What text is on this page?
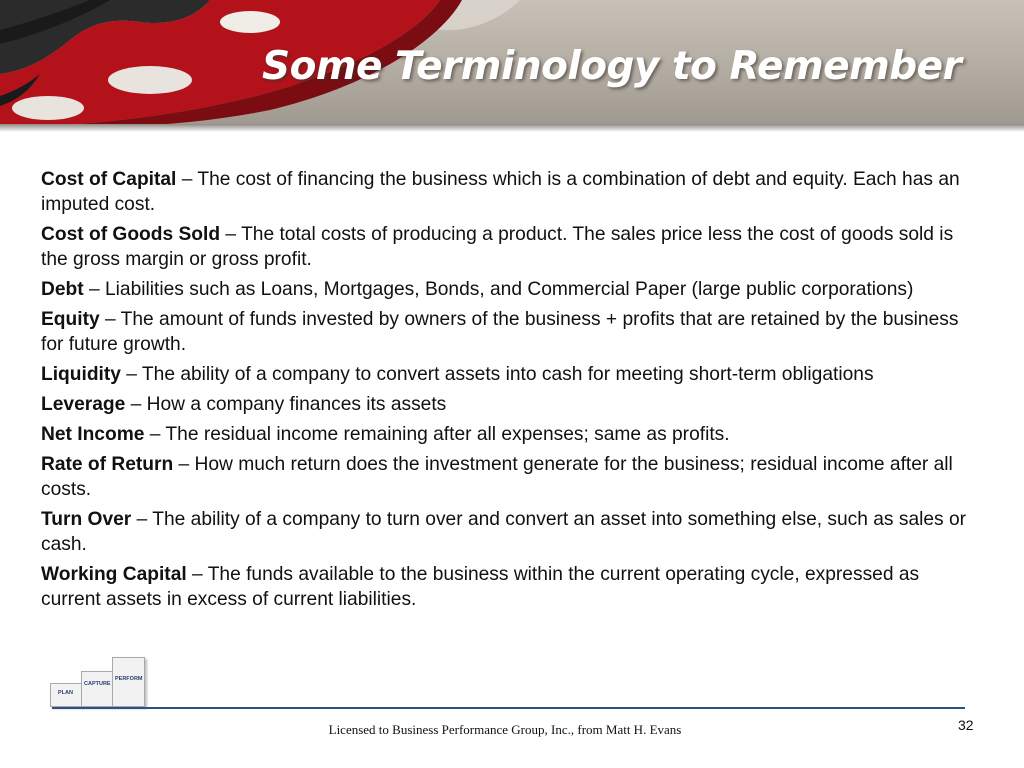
Some Terminology to Remember

Cost of Capital – The cost of financing the business which is a combination of debt and equity. Each has an imputed cost.

Cost of Goods Sold – The total costs of producing a product. The sales price less the cost of goods sold is the gross margin or gross profit.

Debt – Liabilities such as Loans, Mortgages, Bonds, and Commercial Paper (large public corporations)

Equity – The amount of funds invested by owners of the business + profits that are retained by the business for future growth.

Liquidity – The ability of a company to convert assets into cash for meeting short-term obligations

Leverage – How a company finances its assets

Net Income – The residual income remaining after all expenses; same as profits.

Rate of Return – How much return does the investment generate for the business; residual income after all costs.

Turn Over – The ability of a company to turn over and convert an asset into something else, such as sales or cash.

Working Capital – The funds available to the business within the current operating cycle, expressed as current assets in excess of current liabilities.

PLAN
CAPTURE
PERFORM
Licensed to Business Performance Group, Inc., from Matt H. Evans	32
